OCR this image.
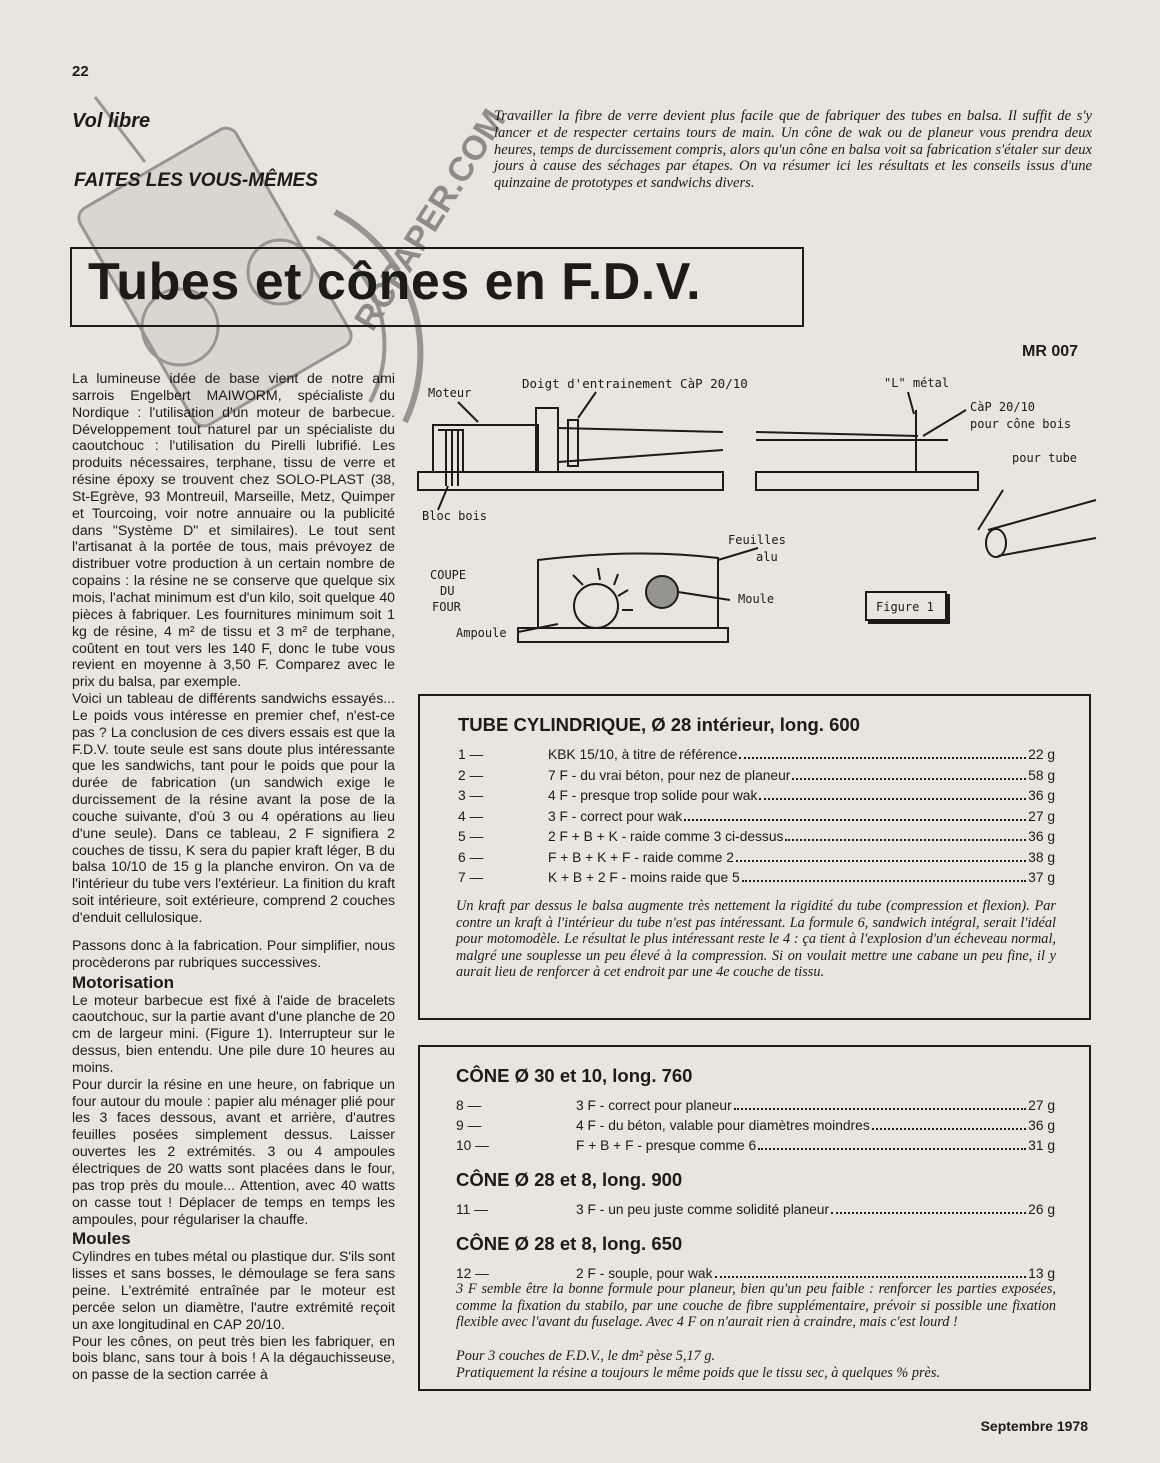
RCPAPER.COM
22
Vol libre
FAITES LES VOUS-MÊMES
Travailler la fibre de verre devient plus facile que de fabriquer des tubes en balsa. Il suffit de s'y lancer et de respecter certains tours de main. Un cône de wak ou de planeur vous prendra deux heures, temps de durcissement compris, alors qu'un cône en balsa voit sa fabrication s'étaler sur deux jours à cause des séchages par étapes. On va résumer ici les résultats et les conseils issus d'une quinzaine de prototypes et sandwichs divers.
Tubes et cônes en F.D.V.
MR 007

La lumineuse idée de base vient de notre ami sarrois Engelbert MAIWORM, spécialiste du Nordique : l'utilisation d'un moteur de barbecue. Développement tout naturel par un spécialiste du caoutchouc : l'utilisation du Pirelli lubrifié. Les produits nécessaires, terphane, tissu de verre et résine époxy se trouvent chez SOLO-PLAST (38, St-Egrève, 93 Montreuil, Marseille, Metz, Quimper et Tourcoing, voir notre annuaire ou la publicité dans "Système D" et similaires). Le tout sent l'artisanat à la portée de tous, mais prévoyez de distribuer votre production à un certain nombre de copains : la résine ne se conserve que quelque six mois, l'achat minimum est d'un kilo, soit quelque 40 pièces à fabriquer. Les fournitures minimum soit 1 kg de résine, 4 m² de tissu et 3 m² de terphane, coûtent en tout vers les 140 F, donc le tube vous revient en moyenne à 3,50 F. Comparez avec le prix du balsa, par exemple.

Voici un tableau de différents sandwichs essayés... Le poids vous intéresse en premier chef, n'est-ce pas ? La conclusion de ces divers essais est que la F.D.V. toute seule est sans doute plus intéressante que les sandwichs, tant pour le poids que pour la durée de fabrication (un sandwich exige le durcissement de la résine avant la pose de la couche suivante, d'où 3 ou 4 opérations au lieu d'une seule). Dans ce tableau, 2 F signifiera 2 couches de tissu, K sera du papier kraft léger, B du balsa 10/10 de 15 g la planche environ. On va de l'intérieur du tube vers l'extérieur. La finition du kraft soit intérieure, soit extérieure, comprend 2 couches d'enduit cellulosique.

Passons donc à la fabrication. Pour simplifier, nous procèderons par rubriques successives.

Motorisation

Le moteur barbecue est fixé à l'aide de bracelets caoutchouc, sur la partie avant d'une planche de 20 cm de largeur mini. (Figure 1). Interrupteur sur le dessus, bien entendu. Une pile dure 10 heures au moins.

Pour durcir la résine en une heure, on fabrique un four autour du moule : papier alu ménager plié pour les 3 faces dessous, avant et arrière, d'autres feuilles posées simplement dessus. Laisser ouvertes les 2 extrémités. 3 ou 4 ampoules électriques de 20 watts sont placées dans le four, pas trop près du moule... Attention, avec 40 watts on casse tout ! Déplacer de temps en temps les ampoules, pour régulariser la chauffe.

Moules

Cylindres en tubes métal ou plastique dur. S'ils sont lisses et sans bosses, le démoulage se fera sans peine. L'extrémité entraînée par le moteur est percée selon un diamètre, l'autre extrémité reçoit un axe longitudinal en CAP 20/10.

Pour les cônes, on peut très bien les fabriquer, en bois blanc, sans tour à bois ! A la dégauchisseuse, on passe de la section carrée à

Moteur
Doigt d'entrainement CàP 20/10	"L" métal
CàP 20/10
pour cône bois
pour tube
Bloc bois
Feuilles
alu
COUPE
DU
FOUR
Moule
Ampoule
Figure 1
TUBE CYLINDRIQUE, Ø 28 intérieur, long. 600
1 —	KBK 15/10, à titre de référence	22 g
2 —	7 F - du vrai béton, pour nez de planeur	58 g
3 —	4 F - presque trop solide pour wak	36 g
4 —	3 F - correct pour wak	27 g
5 —	2 F + B + K - raide comme 3 ci-dessus	36 g
6 —	F + B + K + F - raide comme 2	38 g
7 —	K + B + 2 F - moins raide que 5	37 g
Un kraft par dessus le balsa augmente très nettement la rigidité du tube (compression et flexion). Par contre un kraft à l'intérieur du tube n'est pas intéressant. La formule 6, sandwich intégral, serait l'idéal pour motomodèle. Le résultat le plus intéressant reste le 4 : ça tient à l'explosion d'un écheveau normal, malgré une souplesse un peu élevé à la compression. Si on voulait mettre une cabane un peu fine, il y aurait lieu de renforcer à cet endroit par une 4e couche de tissu.
CÔNE Ø 30 et 10, long. 760
8 —	3 F - correct pour planeur	27 g
9 —	4 F - du béton, valable pour diamètres moindres	36 g
10 —	F + B + F - presque comme 6	31 g
CÔNE Ø 28 et 8, long. 900
11 —	3 F - un peu juste comme solidité planeur	26 g
CÔNE Ø 28 et 8, long. 650
12 —	2 F - souple, pour wak	13 g
3 F semble être la bonne formule pour planeur, bien qu'un peu faible : renforcer les parties exposées, comme la fixation du stabilo, par une couche de fibre supplémentaire, prévoir si possible une fixation flexible avec l'avant du fuselage. Avec 4 F on n'aurait rien à craindre, mais c'est lourd !
Pour 3 couches de F.D.V., le dm² pèse 5,17 g.
Pratiquement la résine a toujours le même poids que le tissu sec, à quelques % près.
Septembre 1978
